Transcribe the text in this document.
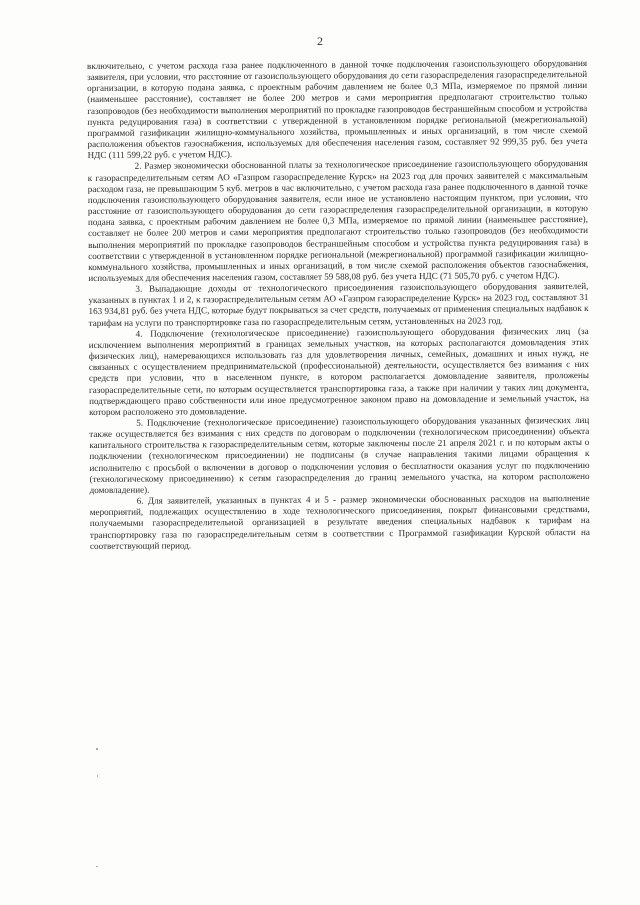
2

включительно, с учетом расхода газа ранее подключенного в данной точке подключения газоиспользующего оборудования заявителя, при условии, что расстояние от газоиспользующего оборудования до сети газораспределения газораспределительной организации, в которую подана заявка, с проектным рабочим давлением не более 0,3 МПа, измеряемое по прямой линии (наименьшее расстояние), составляет не более 200 метров и сами мероприятия предполагают строительство только газопроводов (без необходимости выполнения мероприятий по прокладке газопроводов бестраншейным способом и устройства пункта редуцирования газа) в соответствии с утвержденной в установленном порядке региональной (межрегиональной) программой газификации жилищно-коммунального хозяйства, промышленных и иных организаций, в том числе схемой расположения объектов газоснабжения, используемых для обеспечения населения газом, составляет 92 999,35 руб. без учета НДС (111 599,22 руб. с учетом НДС).

2. Размер экономически обоснованной платы за технологическое присоединение газоиспользующего оборудования к газораспределительным сетям АО «Газпром газораспределение Курск» на 2023 год для прочих заявителей с максимальным расходом газа, не превышающим 5 куб. метров в час включительно, с учетом расхода газа ранее подключенного в данной точке подключения газоиспользующего оборудования заявителя, если иное не установлено настоящим пунктом, при условии, что расстояние от газоиспользующего оборудования до сети газораспределения газораспределительной организации, в которую подана заявка, с проектным рабочим давлением не более 0,3 МПа, измеряемое по прямой линии (наименьшее расстояние), составляет не более 200 метров и сами мероприятия предполагают строительство только газопроводов (без необходимости выполнения мероприятий по прокладке газопроводов бестраншейным способом и устройства пункта редуцирования газа) в соответствии с утвержденной в установленном порядке региональной (межрегиональной) программой газификации жилищно-коммунального хозяйства, промышленных и иных организаций, в том числе схемой расположения объектов газоснабжения, используемых для обеспечения населения газом, составляет 59 588,08 руб. без учета НДС (71 505,70 руб. с учетом НДС).

3. Выпадающие доходы от технологического присоединения газоиспользующего оборудования заявителей, указанных в пунктах 1 и 2, к газораспределительным сетям АО «Газпром газораспределение Курск» на 2023 год, составляют 31 163 934,81 руб. без учета НДС, которые будут покрываться за счет средств, получаемых от применения специальных надбавок к тарифам на услуги по транспортировке газа по газораспределительным сетям, установленных на 2023 год.

4. Подключение (технологическое присоединение) газоиспользующего оборудования физических лиц (за исключением выполнения мероприятий в границах земельных участков, на которых располагаются домовладения этих физических лиц), намеревающихся использовать газ для удовлетворения личных, семейных, домашних и иных нужд, не связанных с осуществлением предпринимательской (профессиональной) деятельности, осуществляется без взимания с них средств при условии, что в населенном пункте, в котором располагается домовладение заявителя, проложены газораспределительные сети, по которым осуществляется транспортировка газа, а также при наличии у таких лиц документа, подтверждающего право собственности или иное предусмотренное законом право на домовладение и земельный участок, на котором расположено это домовладение.

5. Подключение (технологическое присоединение) газоиспользующего оборудования указанных физических лиц также осуществляется без взимания с них средств по договорам о подключении (технологическом присоединении) объекта капитального строительства к газораспределительным сетям, которые заключены после 21 апреля 2021 г. и по которым акты о подключении (технологическом присоединении) не подписаны (в случае направления такими лицами обращения к исполнителю с просьбой о включении в договор о подключении условия о бесплатности оказания услуг по подключению (технологическому присоединению) к сетям газораспределения до границ земельного участка, на котором расположено домовладение).

6. Для заявителей, указанных в пунктах 4 и 5 - размер экономически обоснованных расходов на выполнение мероприятий, подлежащих осуществлению в ходе технологического присоединения, покрыт финансовыми средствами, получаемыми газораспределительной организацией в результате введения специальных надбавок к тарифам на транспортировку газа по газораспределительным сетям в соответствии с Программой газификации Курской области на соответствующий период.
